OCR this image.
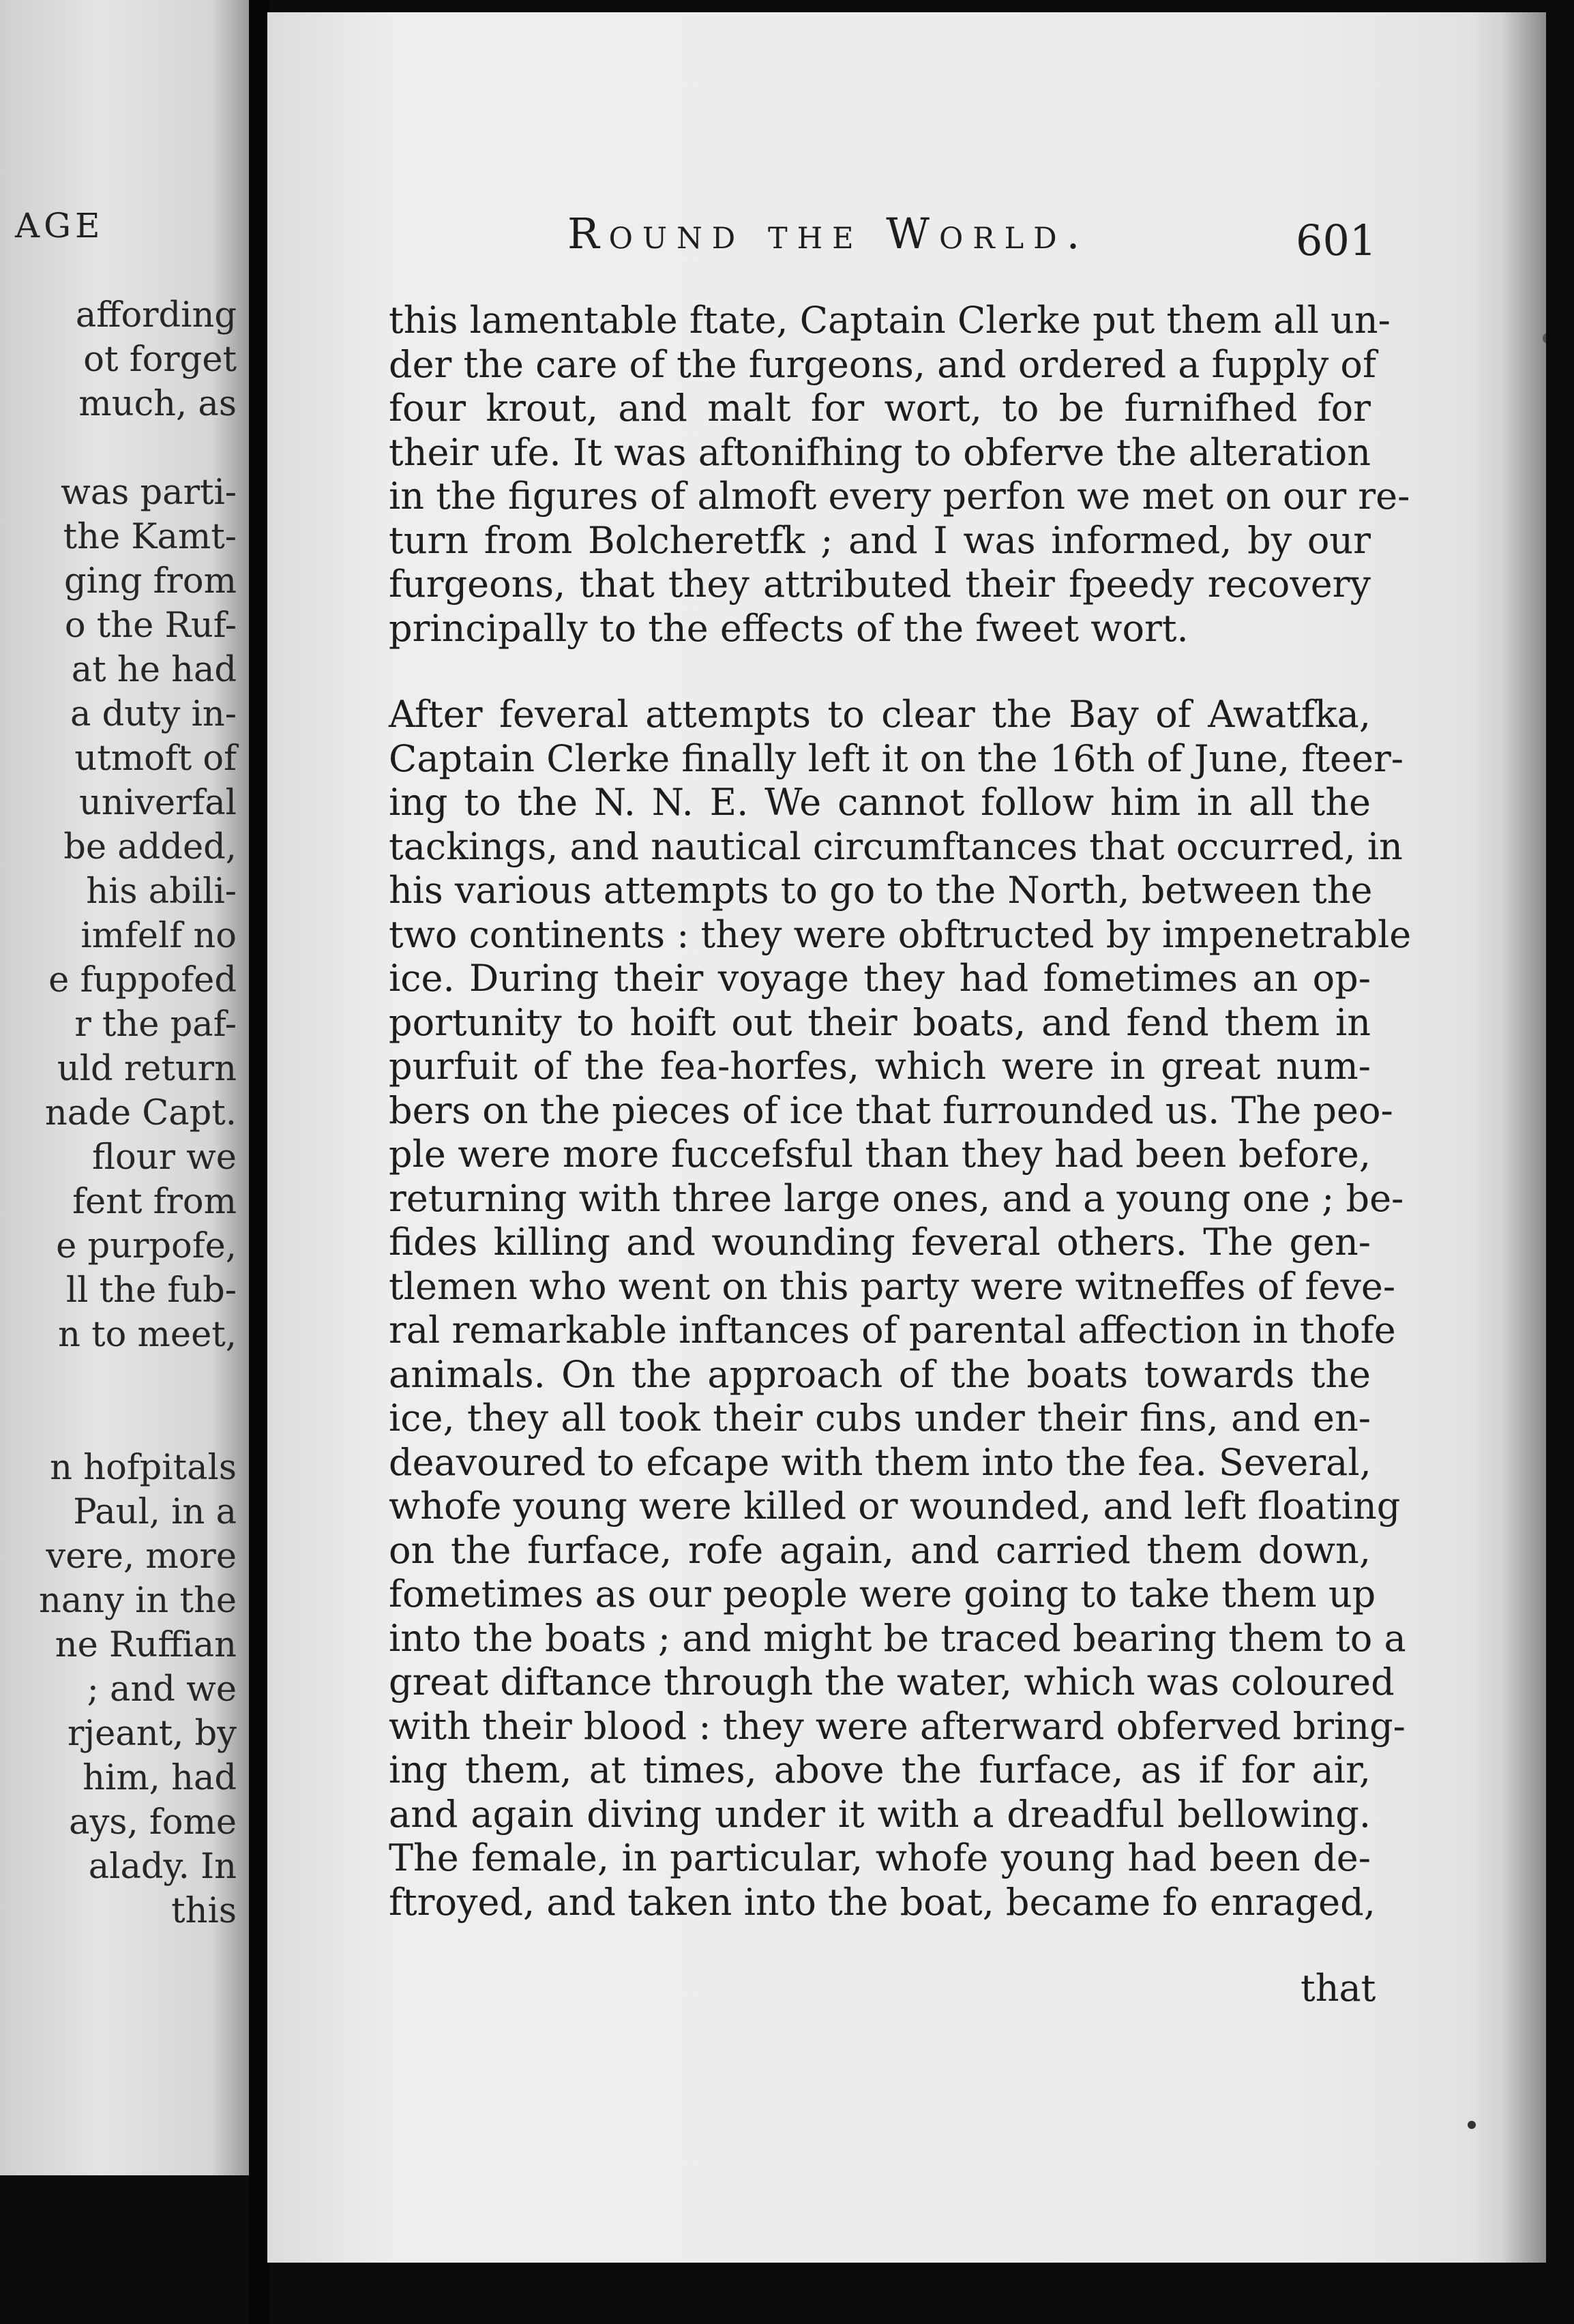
AGE
affording
ot forget
much, as

was parti-
the Kamt-
ging from
o the Ruf-
at he had
a duty in-
utmoft of
univerfal
be added,
his abili-
imfelf no
e fuppofed
r the paf-
uld return
nade Capt.
flour we
fent from
e purpofe,
ll the fub-
n to meet,

n hofpitals
Paul, in a
vere, more
nany in the
ne Ruffian
; and we
rjeant, by
him, had
ays, fome
alady. In
this
Round the World.	601
this lamentable ftate, Captain Clerke put them all un-
der the care of the furgeons, and ordered a fupply of
four krout, and malt for wort, to be furnifhed for
their ufe. It was aftonifhing to obferve the alteration
in the figures of almoft every perfon we met on our re-
turn from Bolcheretfk ; and I was informed, by our
furgeons, that they attributed their fpeedy recovery
principally to the effects of the fweet wort.
After feveral attempts to clear the Bay of Awatfka,
Captain Clerke finally left it on the 16th of June, fteer-
ing to the N. N. E. We cannot follow him in all the
tackings, and nautical circumftances that occurred, in
his various attempts to go to the North, between the
two continents : they were obftructed by impenetrable
ice. During their voyage they had fometimes an op-
portunity to hoift out their boats, and fend them in
purfuit of the fea-horfes, which were in great num-
bers on the pieces of ice that furrounded us. The peo-
ple were more fuccefsful than they had been before,
returning with three large ones, and a young one ; be-
fides killing and wounding feveral others. The gen-
tlemen who went on this party were witneffes of feve-
ral remarkable inftances of parental affection in thofe
animals. On the approach of the boats towards the
ice, they all took their cubs under their fins, and en-
deavoured to efcape with them into the fea. Several,
whofe young were killed or wounded, and left floating
on the furface, rofe again, and carried them down,
fometimes as our people were going to take them up
into the boats ; and might be traced bearing them to a
great diftance through the water, which was coloured
with their blood : they were afterward obferved bring-
ing them, at times, above the furface, as if for air,
and again diving under it with a dreadful bellowing.
The female, in particular, whofe young had been de-
ftroyed, and taken into the boat, became fo enraged,
that
